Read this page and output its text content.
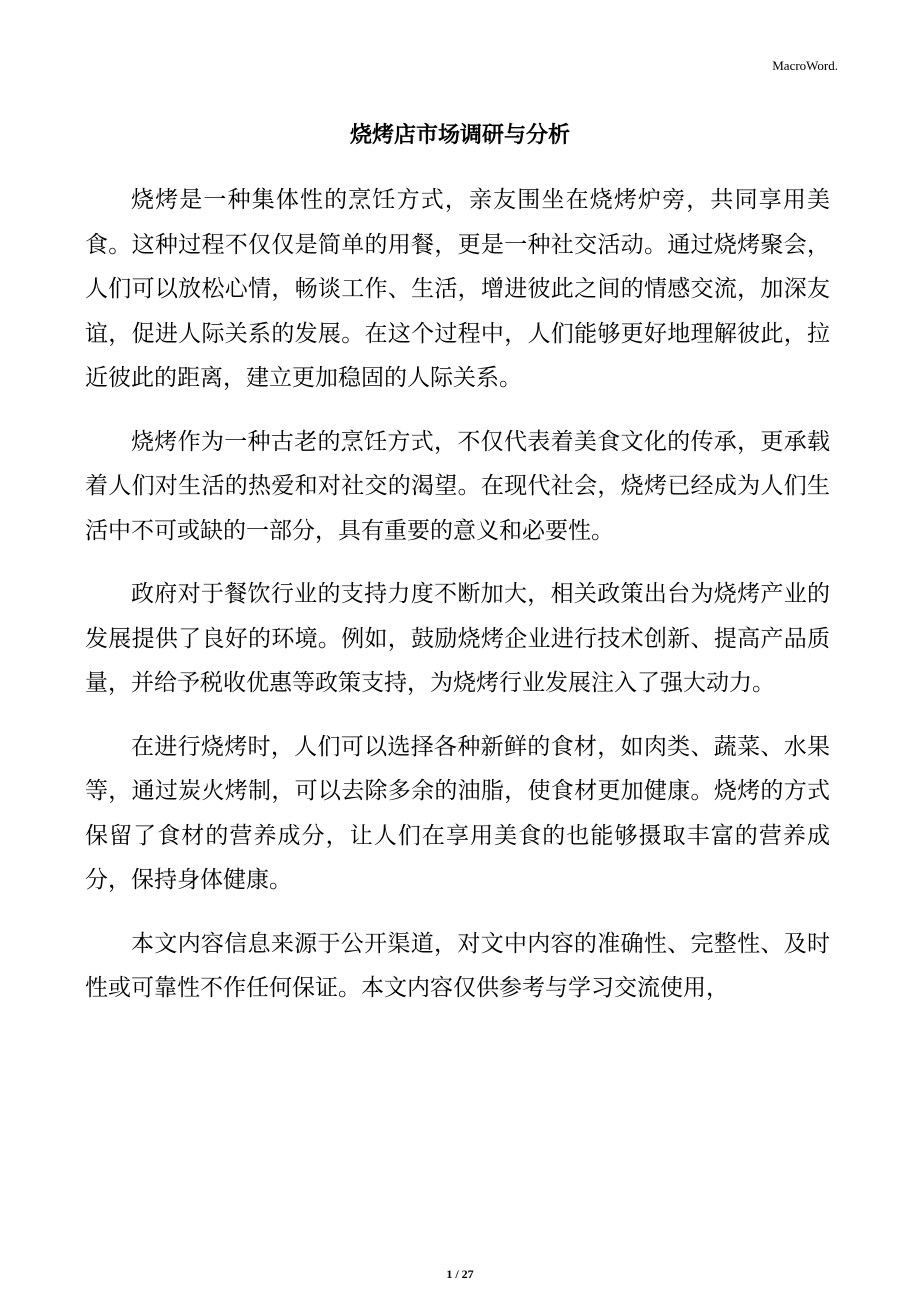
MacroWord.
烧烤店市场调研与分析

烧烤是一种集体性的烹饪方式，亲友围坐在烧烤炉旁，共同享用美食。这种过程不仅仅是简单的用餐，更是一种社交活动。通过烧烤聚会，人们可以放松心情，畅谈工作、生活，增进彼此之间的情感交流，加深友谊，促进人际关系的发展。在这个过程中，人们能够更好地理解彼此，拉近彼此的距离，建立更加稳固的人际关系。

烧烤作为一种古老的烹饪方式，不仅代表着美食文化的传承，更承载着人们对生活的热爱和对社交的渴望。在现代社会，烧烤已经成为人们生活中不可或缺的一部分，具有重要的意义和必要性。

政府对于餐饮行业的支持力度不断加大，相关政策出台为烧烤产业的发展提供了良好的环境。例如，鼓励烧烤企业进行技术创新、提高产品质量，并给予税收优惠等政策支持，为烧烤行业发展注入了强大动力。

在进行烧烤时，人们可以选择各种新鲜的食材，如肉类、蔬菜、水果等，通过炭火烤制，可以去除多余的油脂，使食材更加健康。烧烤的方式保留了食材的营养成分，让人们在享用美食的也能够摄取丰富的营养成分，保持身体健康。

本文内容信息来源于公开渠道，对文中内容的准确性、完整性、及时性或可靠性不作任何保证。本文内容仅供参考与学习交流使用，

1 / 27
